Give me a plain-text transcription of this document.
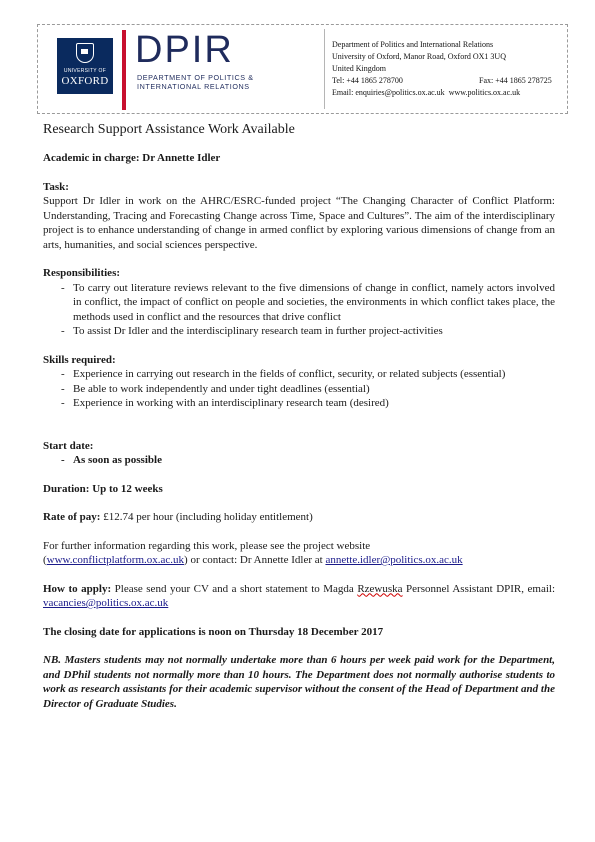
UNIVERSITY OF
OXFORD
DPIR
DEPARTMENT OF POLITICS &
INTERNATIONAL RELATIONS
Department of Politics and International Relations
University of Oxford, Manor Road, Oxford OX1 3UQ
United Kingdom
Tel: +44 1865 278700	Fax: +44 1865 278725
Email: enquiries@politics.ox.ac.uk www.politics.ox.ac.uk

Research Support Assistance Work Available

Academic in charge: Dr Annette Idler

Task:

Support Dr Idler in work on the AHRC/ESRC-funded project “The Changing Character of Conflict Platform: Understanding, Tracing and Forecasting Change across Time, Space and Cultures”. The aim of the interdisciplinary project is to enhance understanding of change in armed conflict by exploring various dimensions of change from an arts, humanities, and social sciences perspective.

Responsibilities:

- To carry out literature reviews relevant to the five dimensions of change in conflict, namely actors involved in conflict, the impact of conflict on people and societies, the environments in which conflict takes place, the methods used in conflict and the resources that drive conflict
- To assist Dr Idler and the interdisciplinary research team in further project-activities

Skills required:

- Experience in carrying out research in the fields of conflict, security, or related subjects (essential)
- Be able to work independently and under tight deadlines (essential)
- Experience in working with an interdisciplinary research team (desired)

Start date:

- As soon as possible

Duration: Up to 12 weeks

Rate of pay: £12.74 per hour (including holiday entitlement)

For further information regarding this work, please see the project website
(www.conflictplatform.ox.ac.uk) or contact: Dr Annette Idler at annette.idler@politics.ox.ac.uk

How to apply: Please send your CV and a short statement to Magda Rzewuska Personnel Assistant DPIR, email: vacancies@politics.ox.ac.uk

The closing date for applications is noon on Thursday 18 December 2017

NB. Masters students may not normally undertake more than 6 hours per week paid work for the Department, and DPhil students not normally more than 10 hours. The Department does not normally authorise students to work as research assistants for their academic supervisor without the consent of the Head of Department and the Director of Graduate Studies.
